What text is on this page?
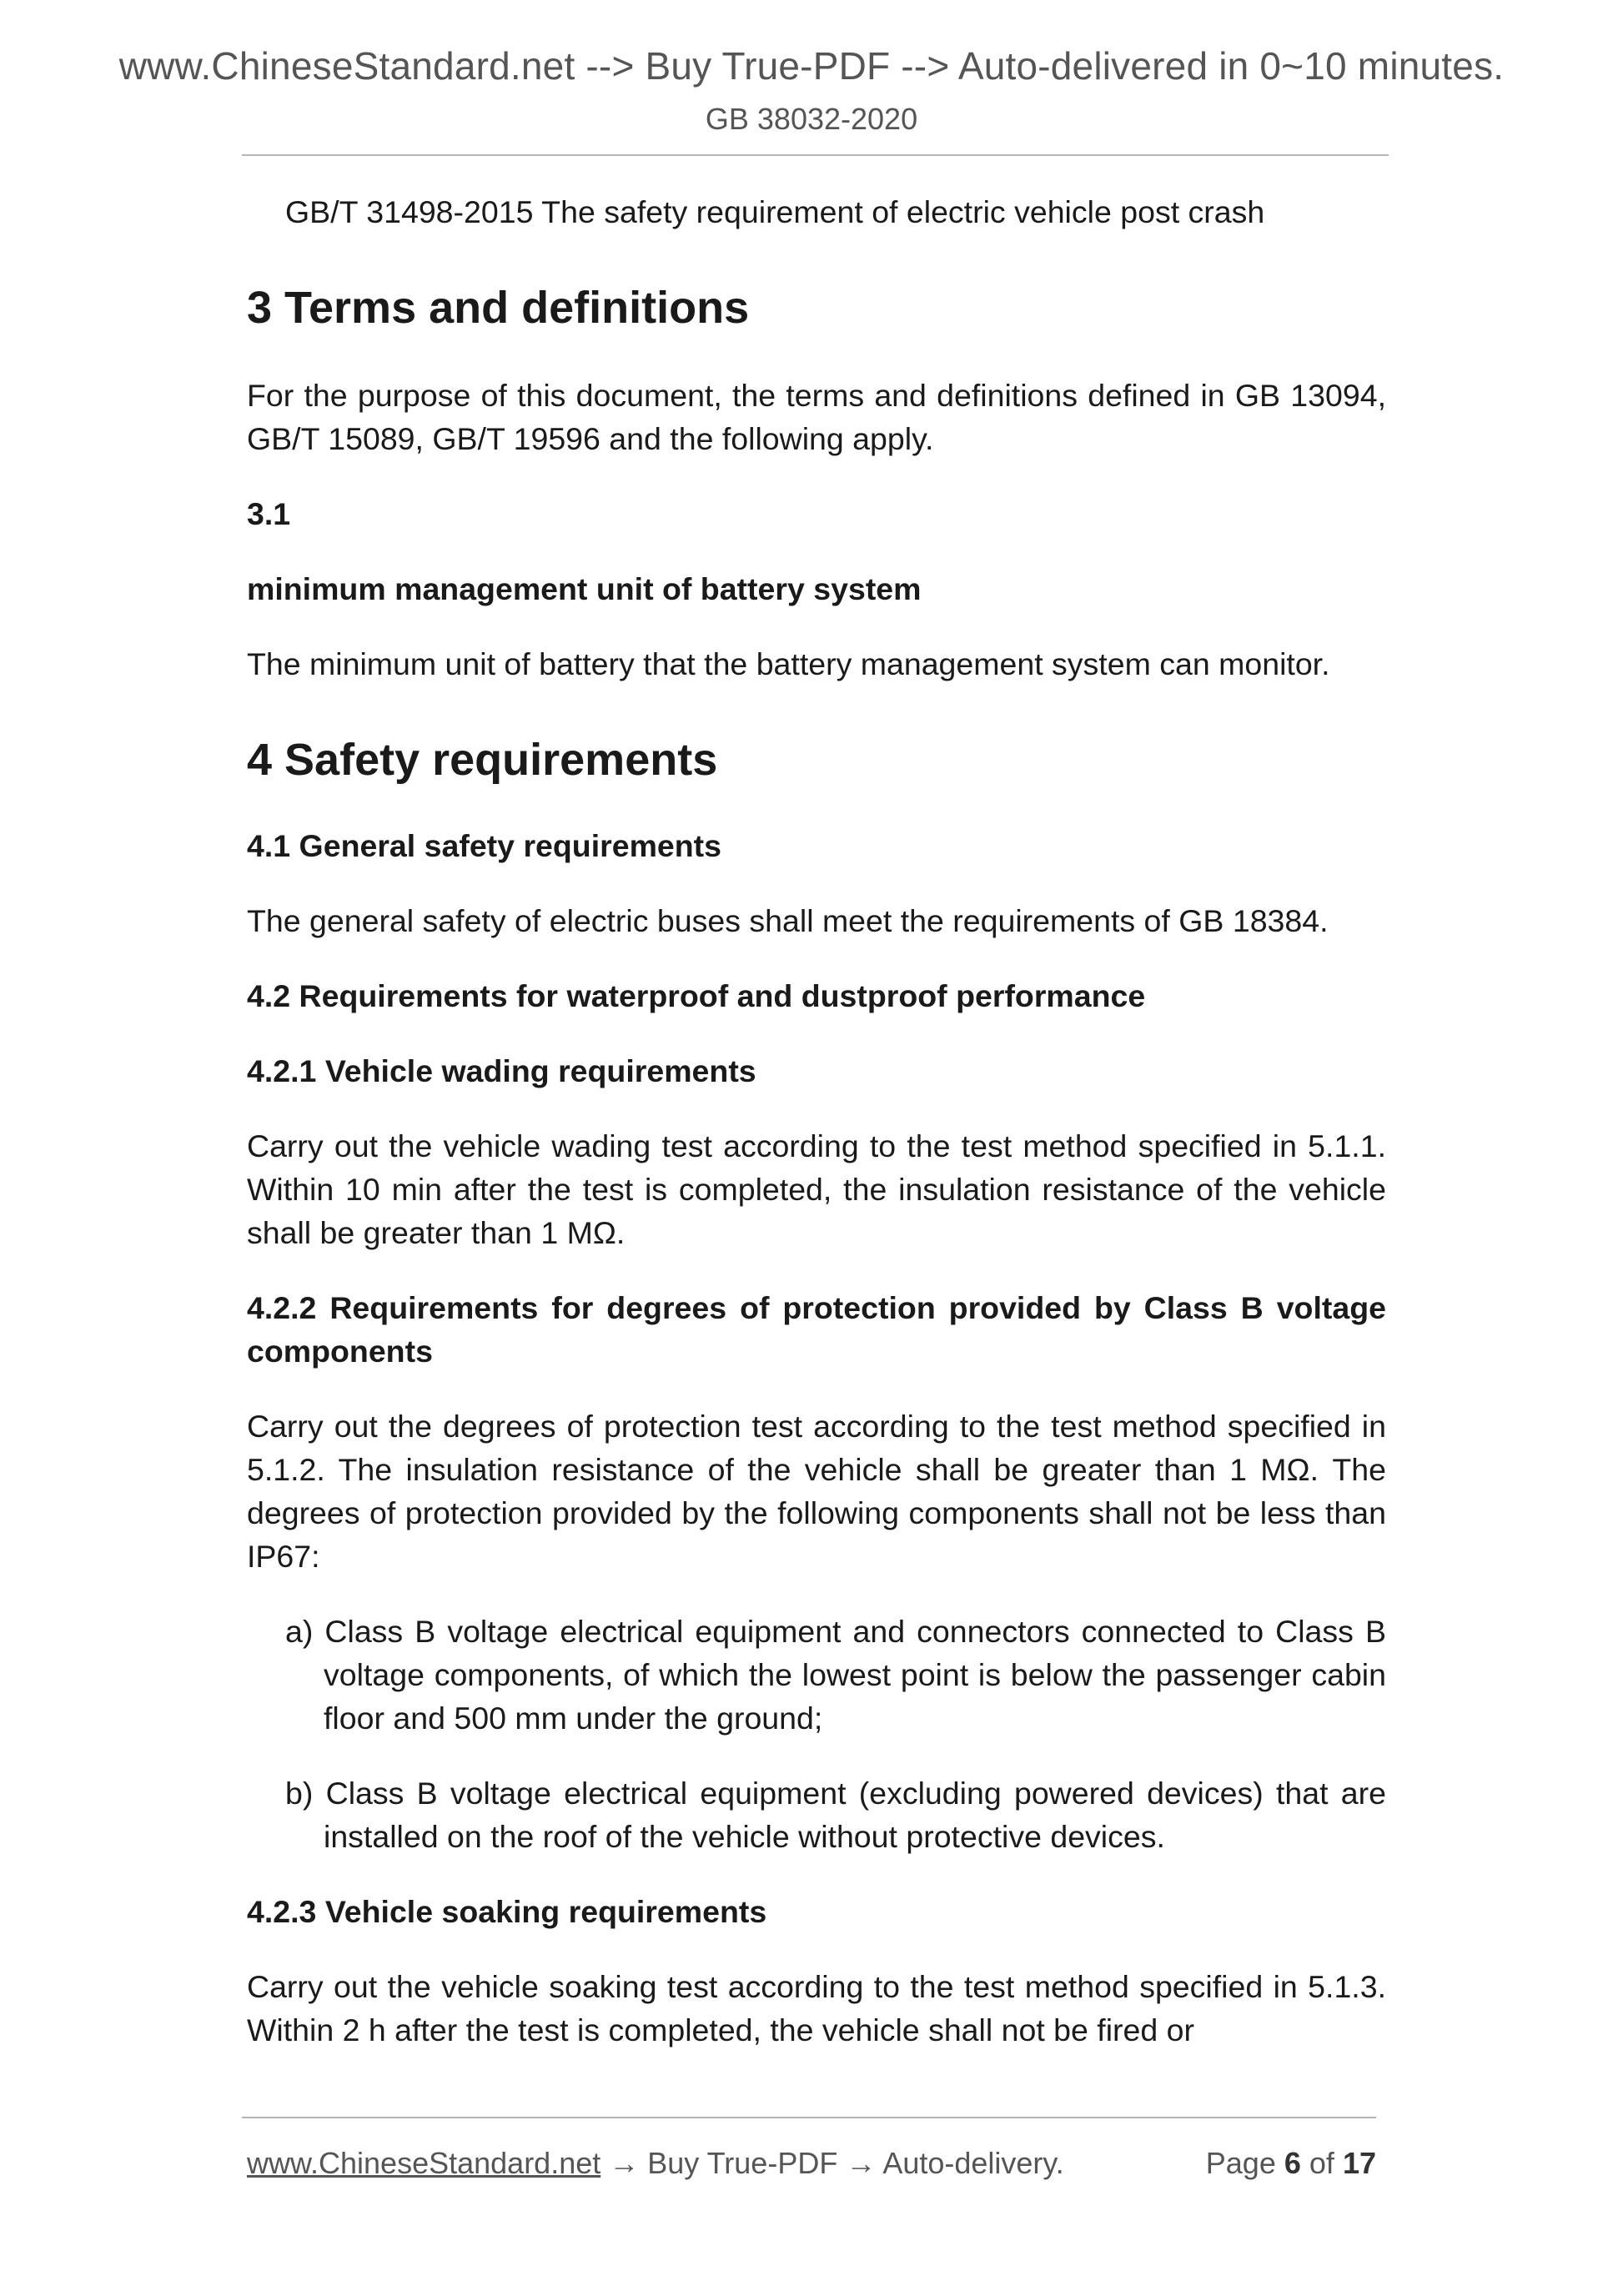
www.ChineseStandard.net --> Buy True-PDF --> Auto-delivered in 0~10 minutes.
GB 38032-2020
GB/T 31498-2015 The safety requirement of electric vehicle post crash
3 Terms and definitions

For the purpose of this document, the terms and definitions defined in GB 13094, GB/T 15089, GB/T 19596 and the following apply.

3.1

minimum management unit of battery system

The minimum unit of battery that the battery management system can monitor.

4 Safety requirements

4.1 General safety requirements

The general safety of electric buses shall meet the requirements of GB 18384.

4.2 Requirements for waterproof and dustproof performance

4.2.1 Vehicle wading requirements

Carry out the vehicle wading test according to the test method specified in 5.1.1. Within 10 min after the test is completed, the insulation resistance of the vehicle shall be greater than 1 MΩ.

4.2.2 Requirements for degrees of protection provided by Class B voltage components

Carry out the degrees of protection test according to the test method specified in 5.1.2. The insulation resistance of the vehicle shall be greater than 1 MΩ. The degrees of protection provided by the following components shall not be less than IP67:

a) Class B voltage electrical equipment and connectors connected to Class B voltage components, of which the lowest point is below the passenger cabin floor and 500 mm under the ground;
b) Class B voltage electrical equipment (excluding powered devices) that are installed on the roof of the vehicle without protective devices.

4.2.3 Vehicle soaking requirements

Carry out the vehicle soaking test according to the test method specified in 5.1.3. Within 2 h after the test is completed, the vehicle shall not be fired or

www.ChineseStandard.net → Buy True-PDF → Auto-delivery.	Page 6 of 17
